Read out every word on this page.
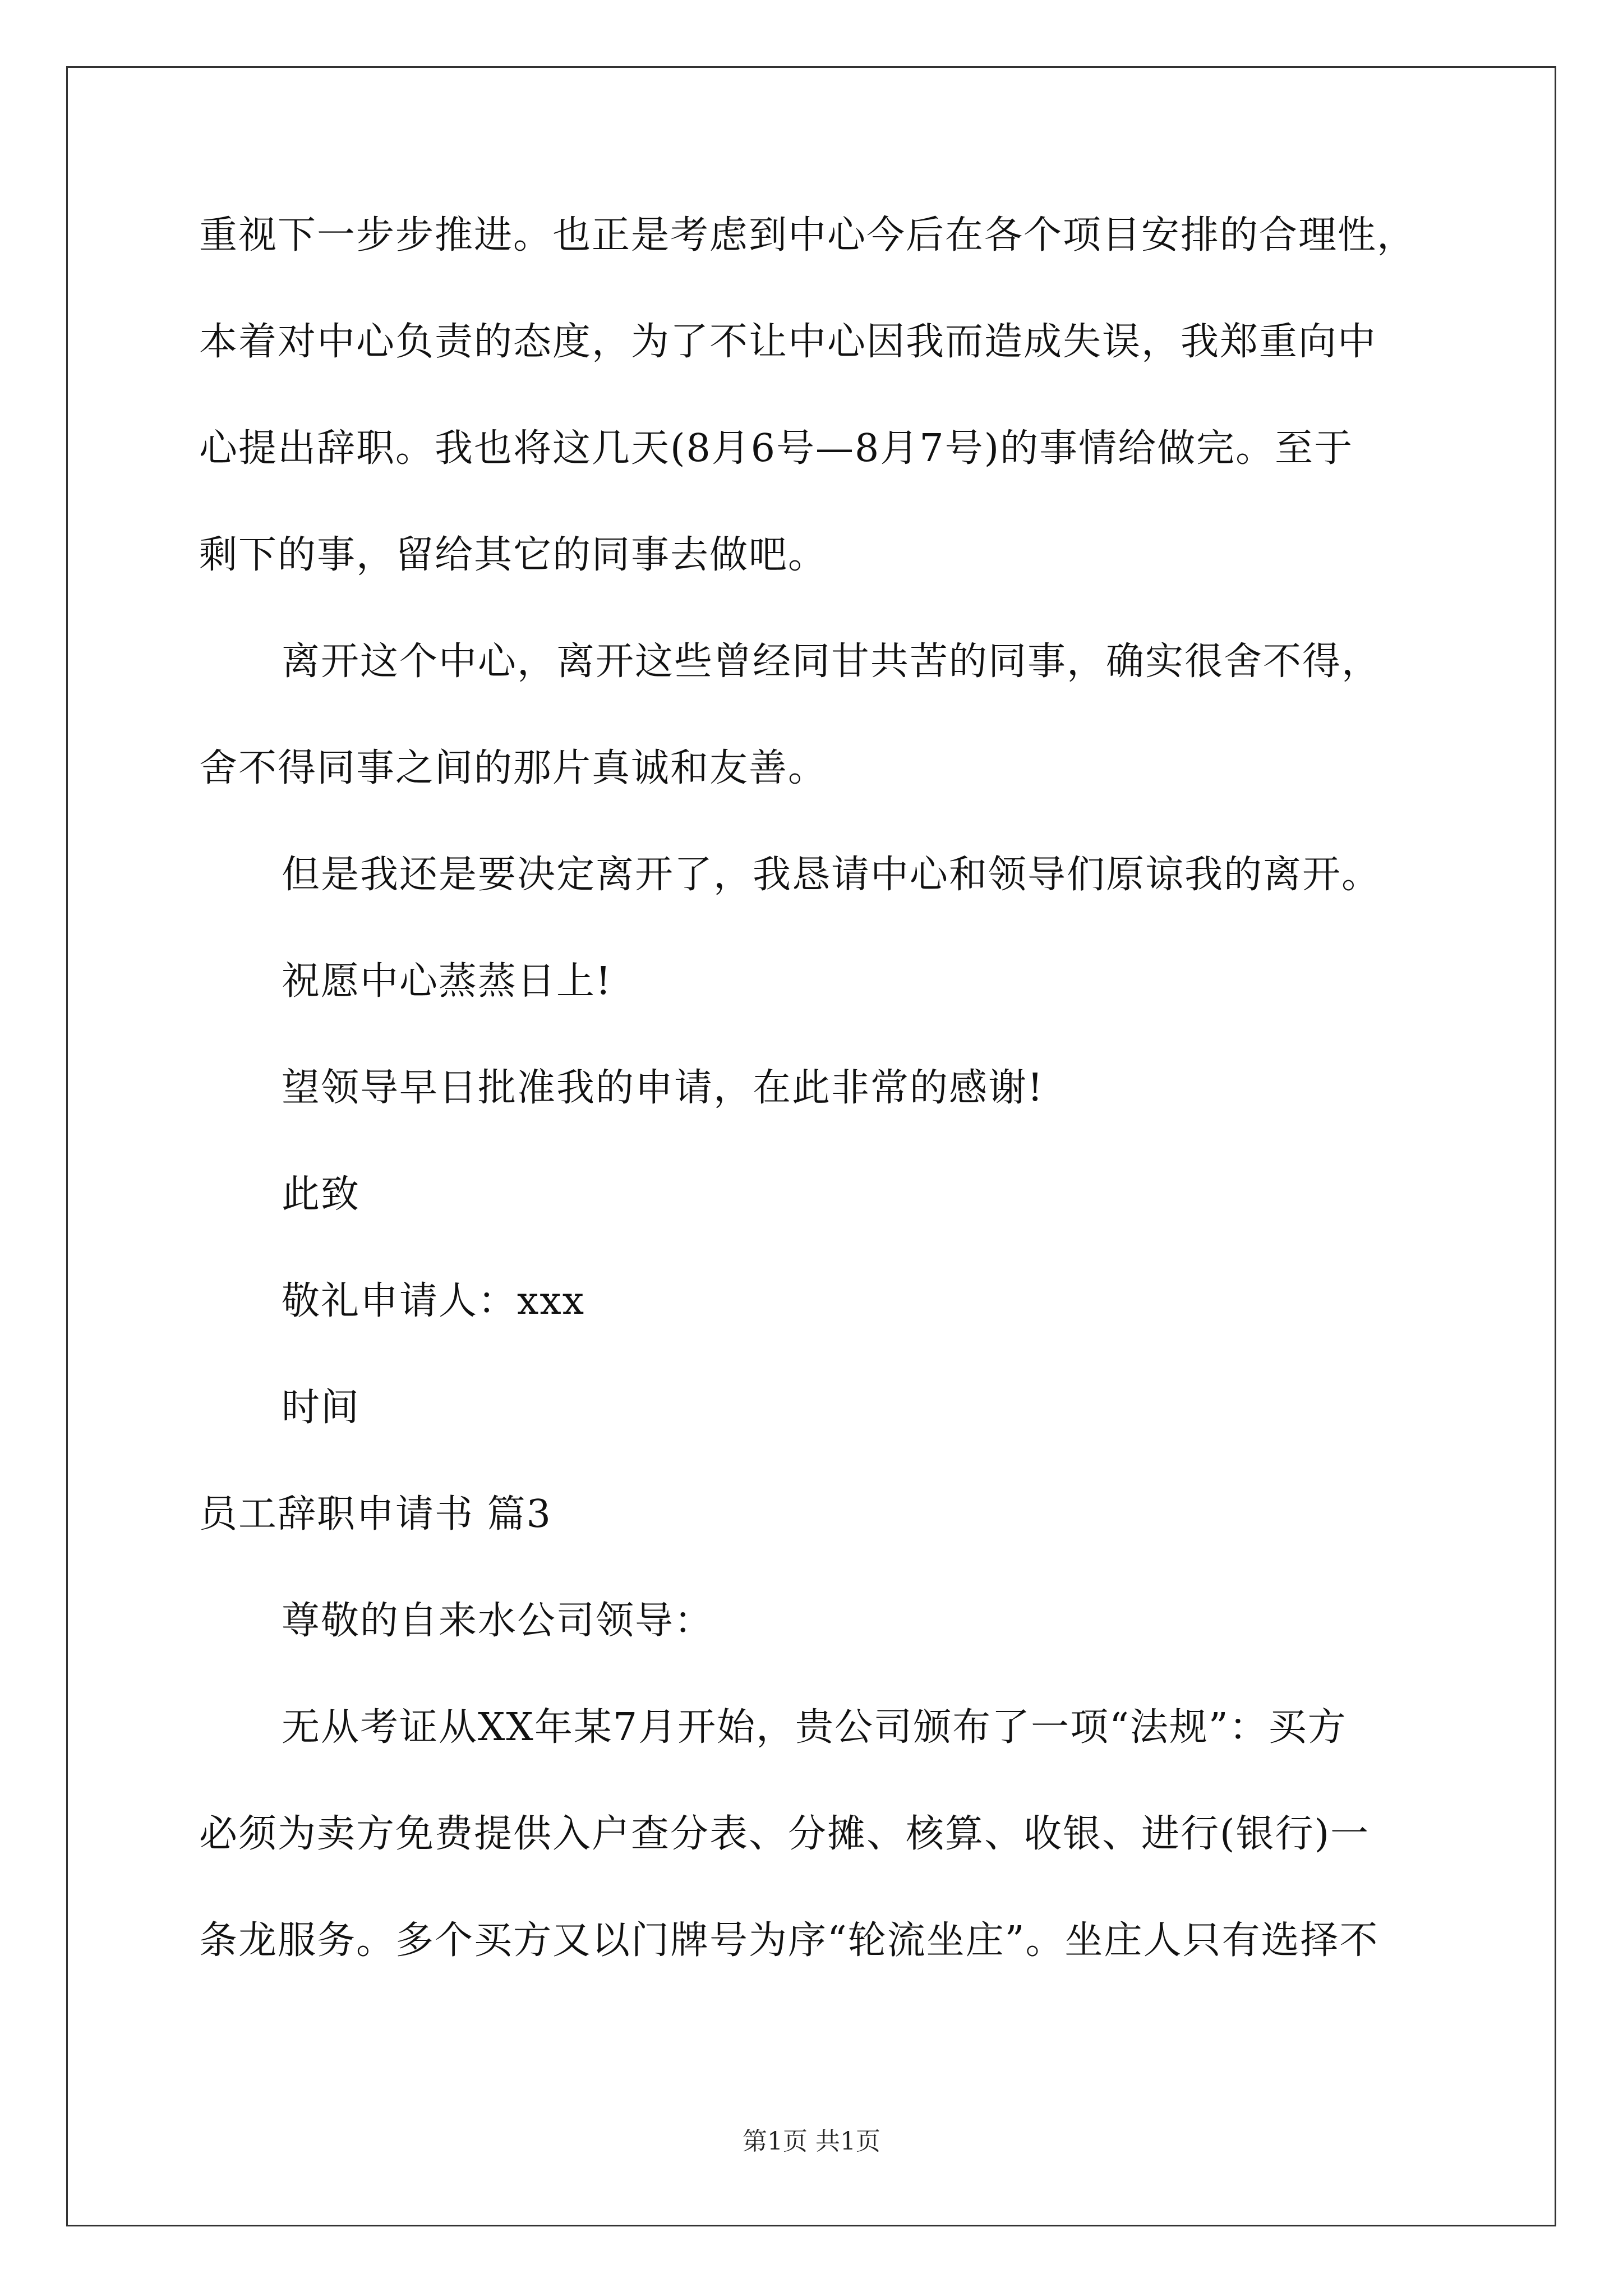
重视下一步步推进。也正是考虑到中心今后在各个项目安排的合理性，
本着对中心负责的态度，为了不让中心因我而造成失误，我郑重向中
心提出辞职。我也将这几天(8月6号—8月7号)的事情给做完。至于
剩下的事，留给其它的同事去做吧。
离开这个中心，离开这些曾经同甘共苦的同事，确实很舍不得，
舍不得同事之间的那片真诚和友善。
但是我还是要决定离开了，我恳请中心和领导们原谅我的离开。
祝愿中心蒸蒸日上!
望领导早日批准我的申请，在此非常的感谢!
此致
敬礼申请人：xxx
时间
员工辞职申请书 篇3
尊敬的自来水公司领导：
无从考证从XX年某7月开始，贵公司颁布了一项“法规”：买方
必须为卖方免费提供入户查分表、分摊、核算、收银、进行(银行)一
条龙服务。多个买方又以门牌号为序“轮流坐庄”。坐庄人只有选择不
第1页 共1页
